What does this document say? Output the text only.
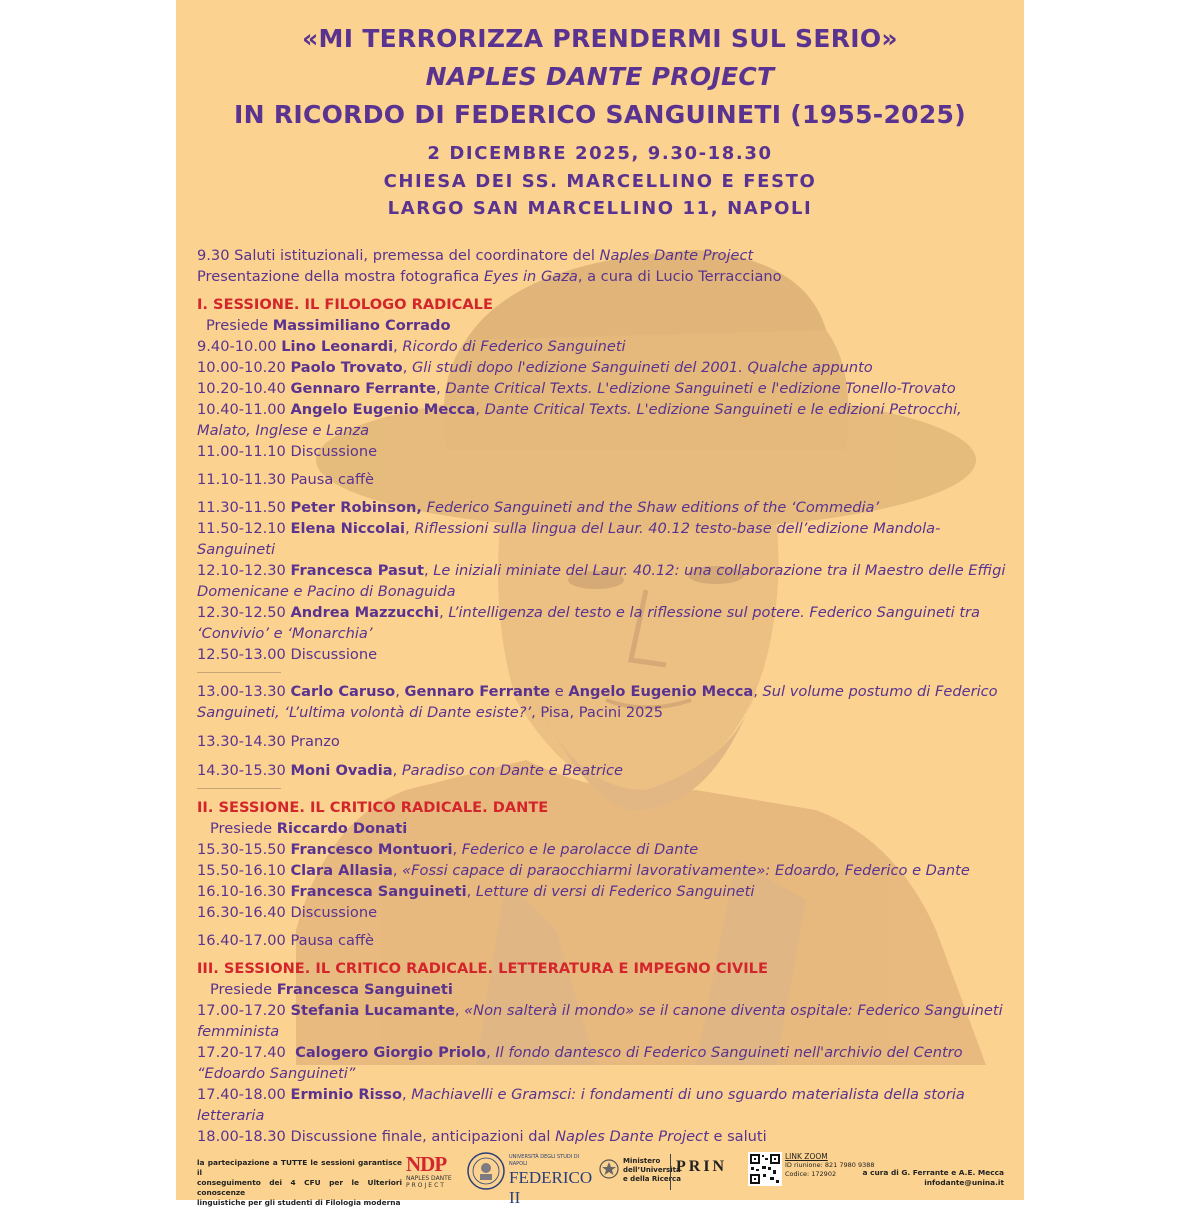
«MI TERRORIZZA PRENDERMI SUL SERIO»
NAPLES DANTE PROJECT
IN RICORDO DI FEDERICO SANGUINETI (1955-2025)
2 DICEMBRE 2025, 9.30-18.30
CHIESA DEI SS. MARCELLINO E FESTO
LARGO SAN MARCELLINO 11, NAPOLI

9.30 Saluti istituzionali, premessa del coordinatore del Naples Dante Project

Presentazione della mostra fotografica Eyes in Gaza, a cura di Lucio Terracciano

I. SESSIONE. IL FILOLOGO RADICALE

Presiede Massimiliano Corrado

9.40-10.00 Lino Leonardi, Ricordo di Federico Sanguineti

10.00-10.20 Paolo Trovato, Gli studi dopo l'edizione Sanguineti del 2001. Qualche appunto

10.20-10.40 Gennaro Ferrante, Dante Critical Texts. L'edizione Sanguineti e l'edizione Tonello-Trovato

10.40-11.00 Angelo Eugenio Mecca, Dante Critical Texts. L'edizione Sanguineti e le edizioni Petrocchi,

Malato, Inglese e Lanza

11.00-11.10 Discussione

11.10-11.30 Pausa caffè

11.30-11.50 Peter Robinson, Federico Sanguineti and the Shaw editions of the ‘Commedia’

11.50-12.10 Elena Niccolai, Riflessioni sulla lingua del Laur. 40.12 testo-base dell’edizione Mandola-Sanguineti

12.10-12.30 Francesca Pasut, Le iniziali miniate del Laur. 40.12: una collaborazione tra il Maestro delle Effigi

Domenicane e Pacino di Bonaguida

12.30-12.50 Andrea Mazzucchi, L’intelligenza del testo e la riflessione sul potere. Federico Sanguineti tra

‘Convivio’ e ‘Monarchia’

12.50-13.00 Discussione

13.00-13.30 Carlo Caruso, Gennaro Ferrante e Angelo Eugenio Mecca, Sul volume postumo di Federico

Sanguineti, ‘L’ultima volontà di Dante esiste?’, Pisa, Pacini 2025

13.30-14.30 Pranzo

14.30-15.30 Moni Ovadia, Paradiso con Dante e Beatrice

II. SESSIONE. IL CRITICO RADICALE. DANTE

Presiede Riccardo Donati

15.30-15.50 Francesco Montuori, Federico e le parolacce di Dante

15.50-16.10 Clara Allasia, «Fossi capace di paraocchiarmi lavorativamente»: Edoardo, Federico e Dante

16.10-16.30 Francesca Sanguineti, Letture di versi di Federico Sanguineti

16.30-16.40 Discussione

16.40-17.00 Pausa caffè

III. SESSIONE. IL CRITICO RADICALE. LETTERATURA E IMPEGNO CIVILE

Presiede Francesca Sanguineti

17.00-17.20 Stefania Lucamante, «Non salterà il mondo» se il canone diventa ospitale: Federico Sanguineti

femminista

17.20-17.40  Calogero Giorgio Priolo, Il fondo dantesco di Federico Sanguineti nell'archivio del Centro

“Edoardo Sanguineti”

17.40-18.00 Erminio Risso, Machiavelli e Gramsci: i fondamenti di uno sguardo materialista della storia

letteraria

18.00-18.30 Discussione finale, anticipazioni dal Naples Dante Project e saluti

la partecipazione a TUTTE le sessioni garantisce il
conseguimento dei 4 CFU per le Ulteriori conoscenze
linguistiche per gli studenti di Filologia moderna
NDP
NAPLES DANTE
PROJECT
UNIVERSITÀ DEGLI STUDI DI NAPOLI
FEDERICO II
Ministero
dell’Università
e della Ricerca
PRIN
LINK ZOOM
ID riunione: 821 7980 9388
Codice: 172902	a cura di G. Ferrante e A.E. Mecca
infodante@unina.it
